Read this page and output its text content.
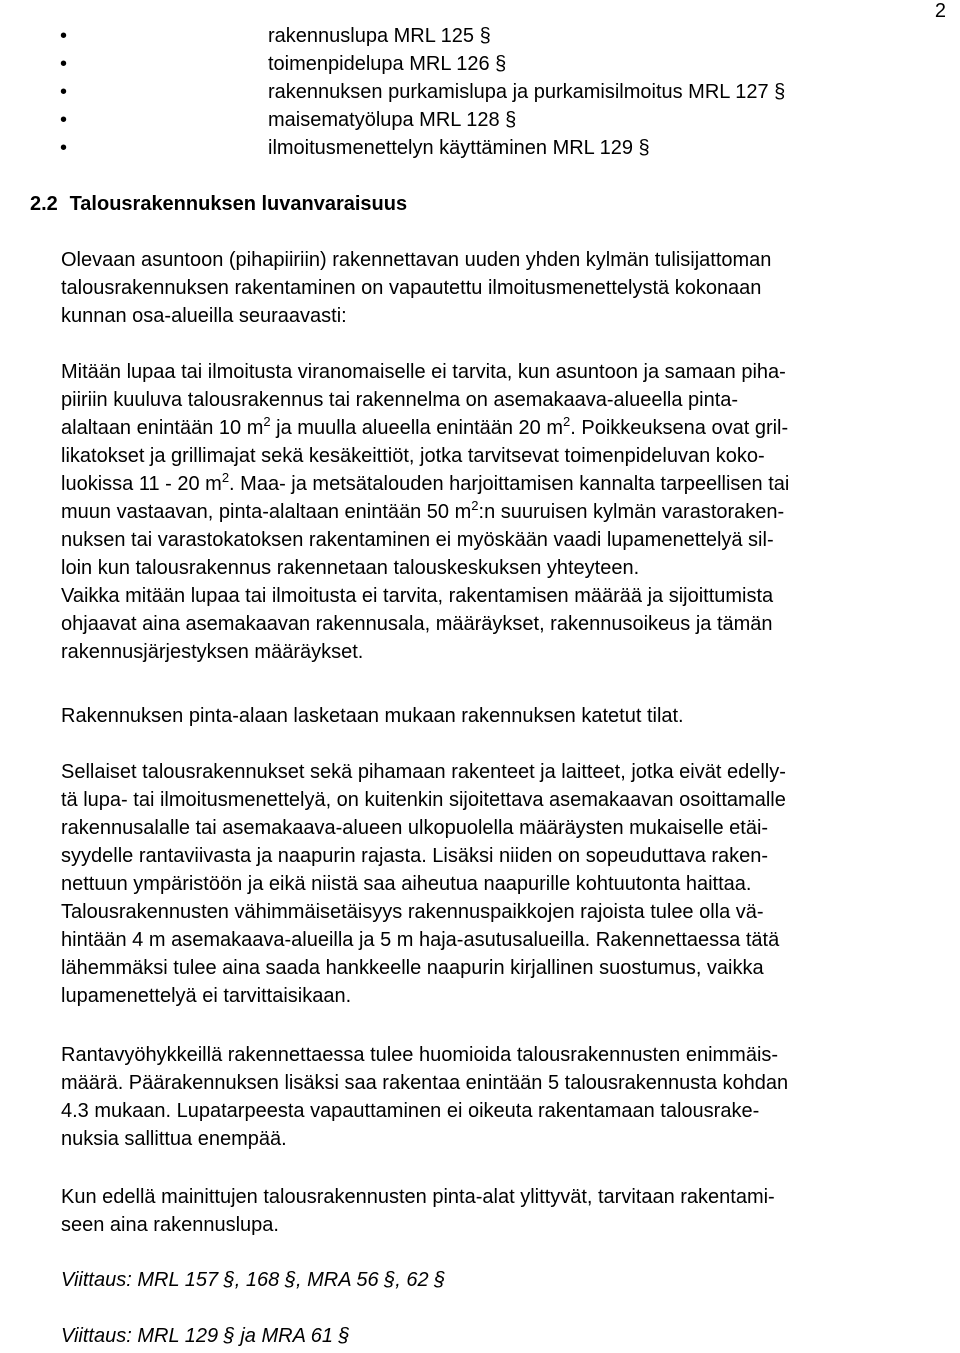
2
•	rakennuslupa MRL 125 §
•	toimenpidelupa MRL 126 §
•	rakennuksen purkamislupa ja purkamisilmoitus MRL 127 §
•	maisematyölupa MRL 128 §
•	ilmoitusmenettelyn käyttäminen MRL 129 §
2.2 Talousrakennuksen luvanvaraisuus
Olevaan asuntoon (pihapiiriin) rakennettavan uuden yhden kylmän tulisijattoman
talousrakennuksen rakentaminen on vapautettu ilmoitusmenettelystä kokonaan
kunnan osa-alueilla seuraavasti:
Mitään lupaa tai ilmoitusta viranomaiselle ei tarvita, kun asuntoon ja samaan piha-
piiriin kuuluva talousrakennus tai rakennelma on asemakaava-alueella pinta-
alaltaan enintään 10 $m^2$ ja muulla alueella enintään 20 $m^2$. Poikkeuksena ovat gril-
likatokset ja grillimajat sekä kesäkeittiöt, jotka tarvitsevat toimenpideluvan koko-
luokissa 11 - 20 $m^2$. Maa- ja metsätalouden harjoittamisen kannalta tarpeellisen tai
muun vastaavan, pinta-alaltaan enintään 50 $m^2:n$ suuruisen kylmän varastoraken-
nuksen tai varastokatoksen rakentaminen ei myöskään vaadi lupamenettelyä sil-
loin kun talousrakennus rakennetaan talouskeskuksen yhteyteen.
Vaikka mitään lupaa tai ilmoitusta ei tarvita, rakentamisen määrää ja sijoittumista
ohjaavat aina asemakaavan rakennusala, määräykset, rakennusoikeus ja tämän
rakennusjärjestyksen määräykset.
Rakennuksen pinta-alaan lasketaan mukaan rakennuksen katetut tilat.
Sellaiset talousrakennukset sekä pihamaan rakenteet ja laitteet, jotka eivät edelly-
tä lupa- tai ilmoitusmenettelyä, on kuitenkin sijoitettava asemakaavan osoittamalle
rakennusalalle tai asemakaava-alueen ulkopuolella määräysten mukaiselle etäi-
syydelle rantaviivasta ja naapurin rajasta. Lisäksi niiden on sopeuduttava raken-
nettuun ympäristöön ja eikä niistä saa aiheutua naapurille kohtuutonta haittaa.
Talousrakennusten vähimmäisetäisyys rakennuspaikkojen rajoista tulee olla vä-
hintään 4 m asemakaava-alueilla ja 5 m haja-asutusalueilla. Rakennettaessa tätä
lähemmäksi tulee aina saada hankkeelle naapurin kirjallinen suostumus, vaikka
lupamenettelyä ei tarvittaisikaan.
Rantavyöhykkeillä rakennettaessa tulee huomioida talousrakennusten enimmäis-
määrä. Päärakennuksen lisäksi saa rakentaa enintään 5 talousrakennusta kohdan
4.3 mukaan. Lupatarpeesta vapauttaminen ei oikeuta rakentamaan talousrake-
nuksia sallittua enempää.
Kun edellä mainittujen talousrakennusten pinta-alat ylittyvät, tarvitaan rakentami-
seen aina rakennuslupa.
Viittaus: MRL 157 §, 168 §, MRA 56 §, 62 §
Viittaus: MRL 129 § ja MRA 61 §
